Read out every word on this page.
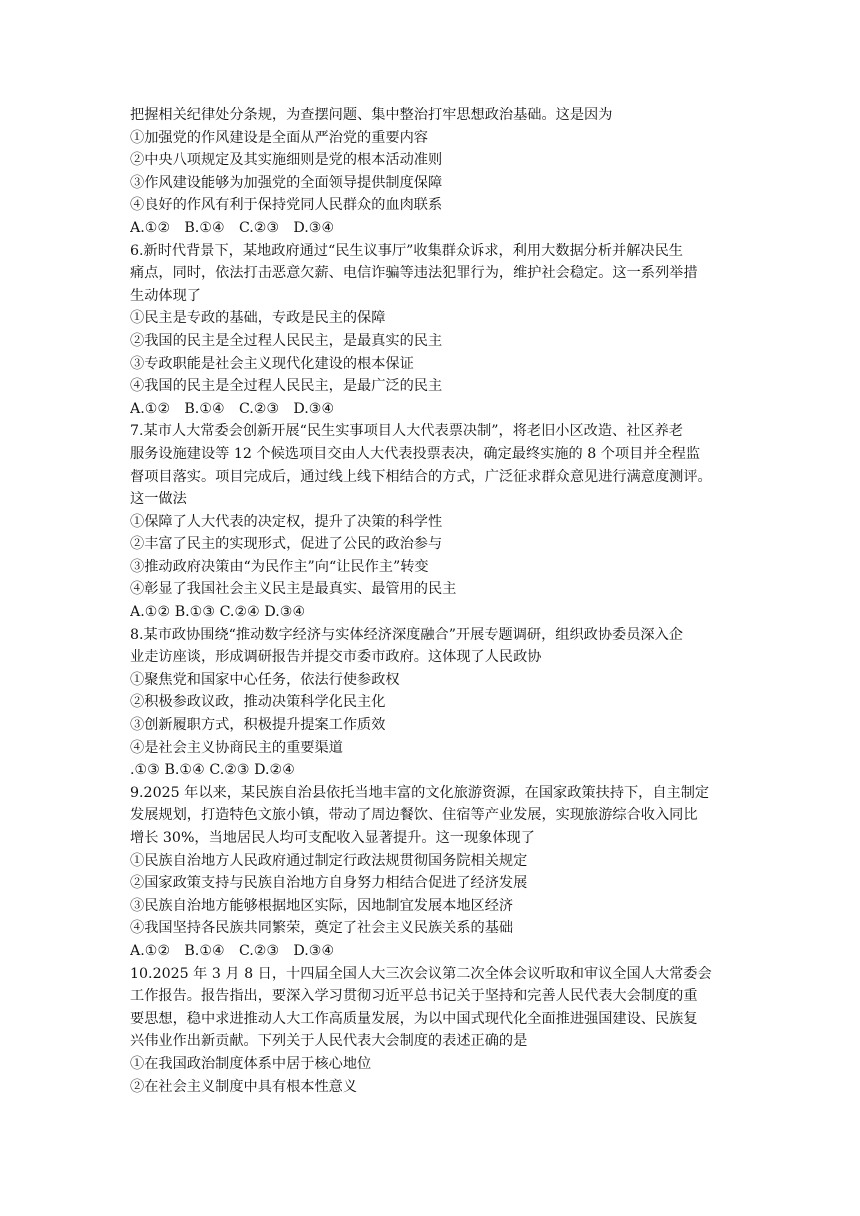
把握相关纪律处分条规，为查摆问题、集中整治打牢思想政治基础。这是因为
①加强党的作风建设是全面从严治党的重要内容
②中央八项规定及其实施细则是党的根本活动准则
③作风建设能够为加强党的全面领导提供制度保障
④良好的作风有利于保持党同人民群众的血肉联系
A.①②　B.①④　C.②③　D.③④
6.新时代背景下，某地政府通过“民生议事厅”收集群众诉求，利用大数据分析并解决民生
痛点，同时，依法打击恶意欠薪、电信诈骗等违法犯罪行为，维护社会稳定。这一系列举措
生动体现了
①民主是专政的基础，专政是民主的保障
②我国的民主是全过程人民民主，是最真实的民主
③专政职能是社会主义现代化建设的根本保证
④我国的民主是全过程人民民主，是最广泛的民主
A.①②　B.①④　C.②③　D.③④
7.某市人大常委会创新开展“民生实事项目人大代表票决制”，将老旧小区改造、社区养老
服务设施建设等 12 个候选项目交由人大代表投票表决，确定最终实施的 8 个项目并全程监
督项目落实。项目完成后，通过线上线下相结合的方式，广泛征求群众意见进行满意度测评。
这一做法
①保障了人大代表的决定权，提升了决策的科学性
②丰富了民主的实现形式，促进了公民的政治参与
③推动政府决策由“为民作主”向“让民作主”转变
④彰显了我国社会主义民主是最真实、最管用的民主
A.①② B.①③ C.②④ D.③④
8.某市政协围绕“推动数字经济与实体经济深度融合”开展专题调研，组织政协委员深入企
业走访座谈，形成调研报告并提交市委市政府。这体现了人民政协
①聚焦党和国家中心任务，依法行使参政权
②积极参政议政，推动决策科学化民主化
③创新履职方式，积极提升提案工作质效
④是社会主义协商民主的重要渠道
.①③ B.①④ C.②③ D.②④
9.2025 年以来，某民族自治县依托当地丰富的文化旅游资源，在国家政策扶持下，自主制定
发展规划，打造特色文旅小镇，带动了周边餐饮、住宿等产业发展，实现旅游综合收入同比
增长 30%，当地居民人均可支配收入显著提升。这一现象体现了
①民族自治地方人民政府通过制定行政法规贯彻国务院相关规定
②国家政策支持与民族自治地方自身努力相结合促进了经济发展
③民族自治地方能够根据地区实际，因地制宜发展本地区经济
④我国坚持各民族共同繁荣，奠定了社会主义民族关系的基础
A.①②　B.①④　C.②③　D.③④
10.2025 年 3 月 8 日，十四届全国人大三次会议第二次全体会议听取和审议全国人大常委会
工作报告。报告指出，要深入学习贯彻习近平总书记关于坚持和完善人民代表大会制度的重
要思想，稳中求进推动人大工作高质量发展，为以中国式现代化全面推进强国建设、民族复
兴伟业作出新贡献。下列关于人民代表大会制度的表述正确的是
①在我国政治制度体系中居于核心地位
②在社会主义制度中具有根本性意义
